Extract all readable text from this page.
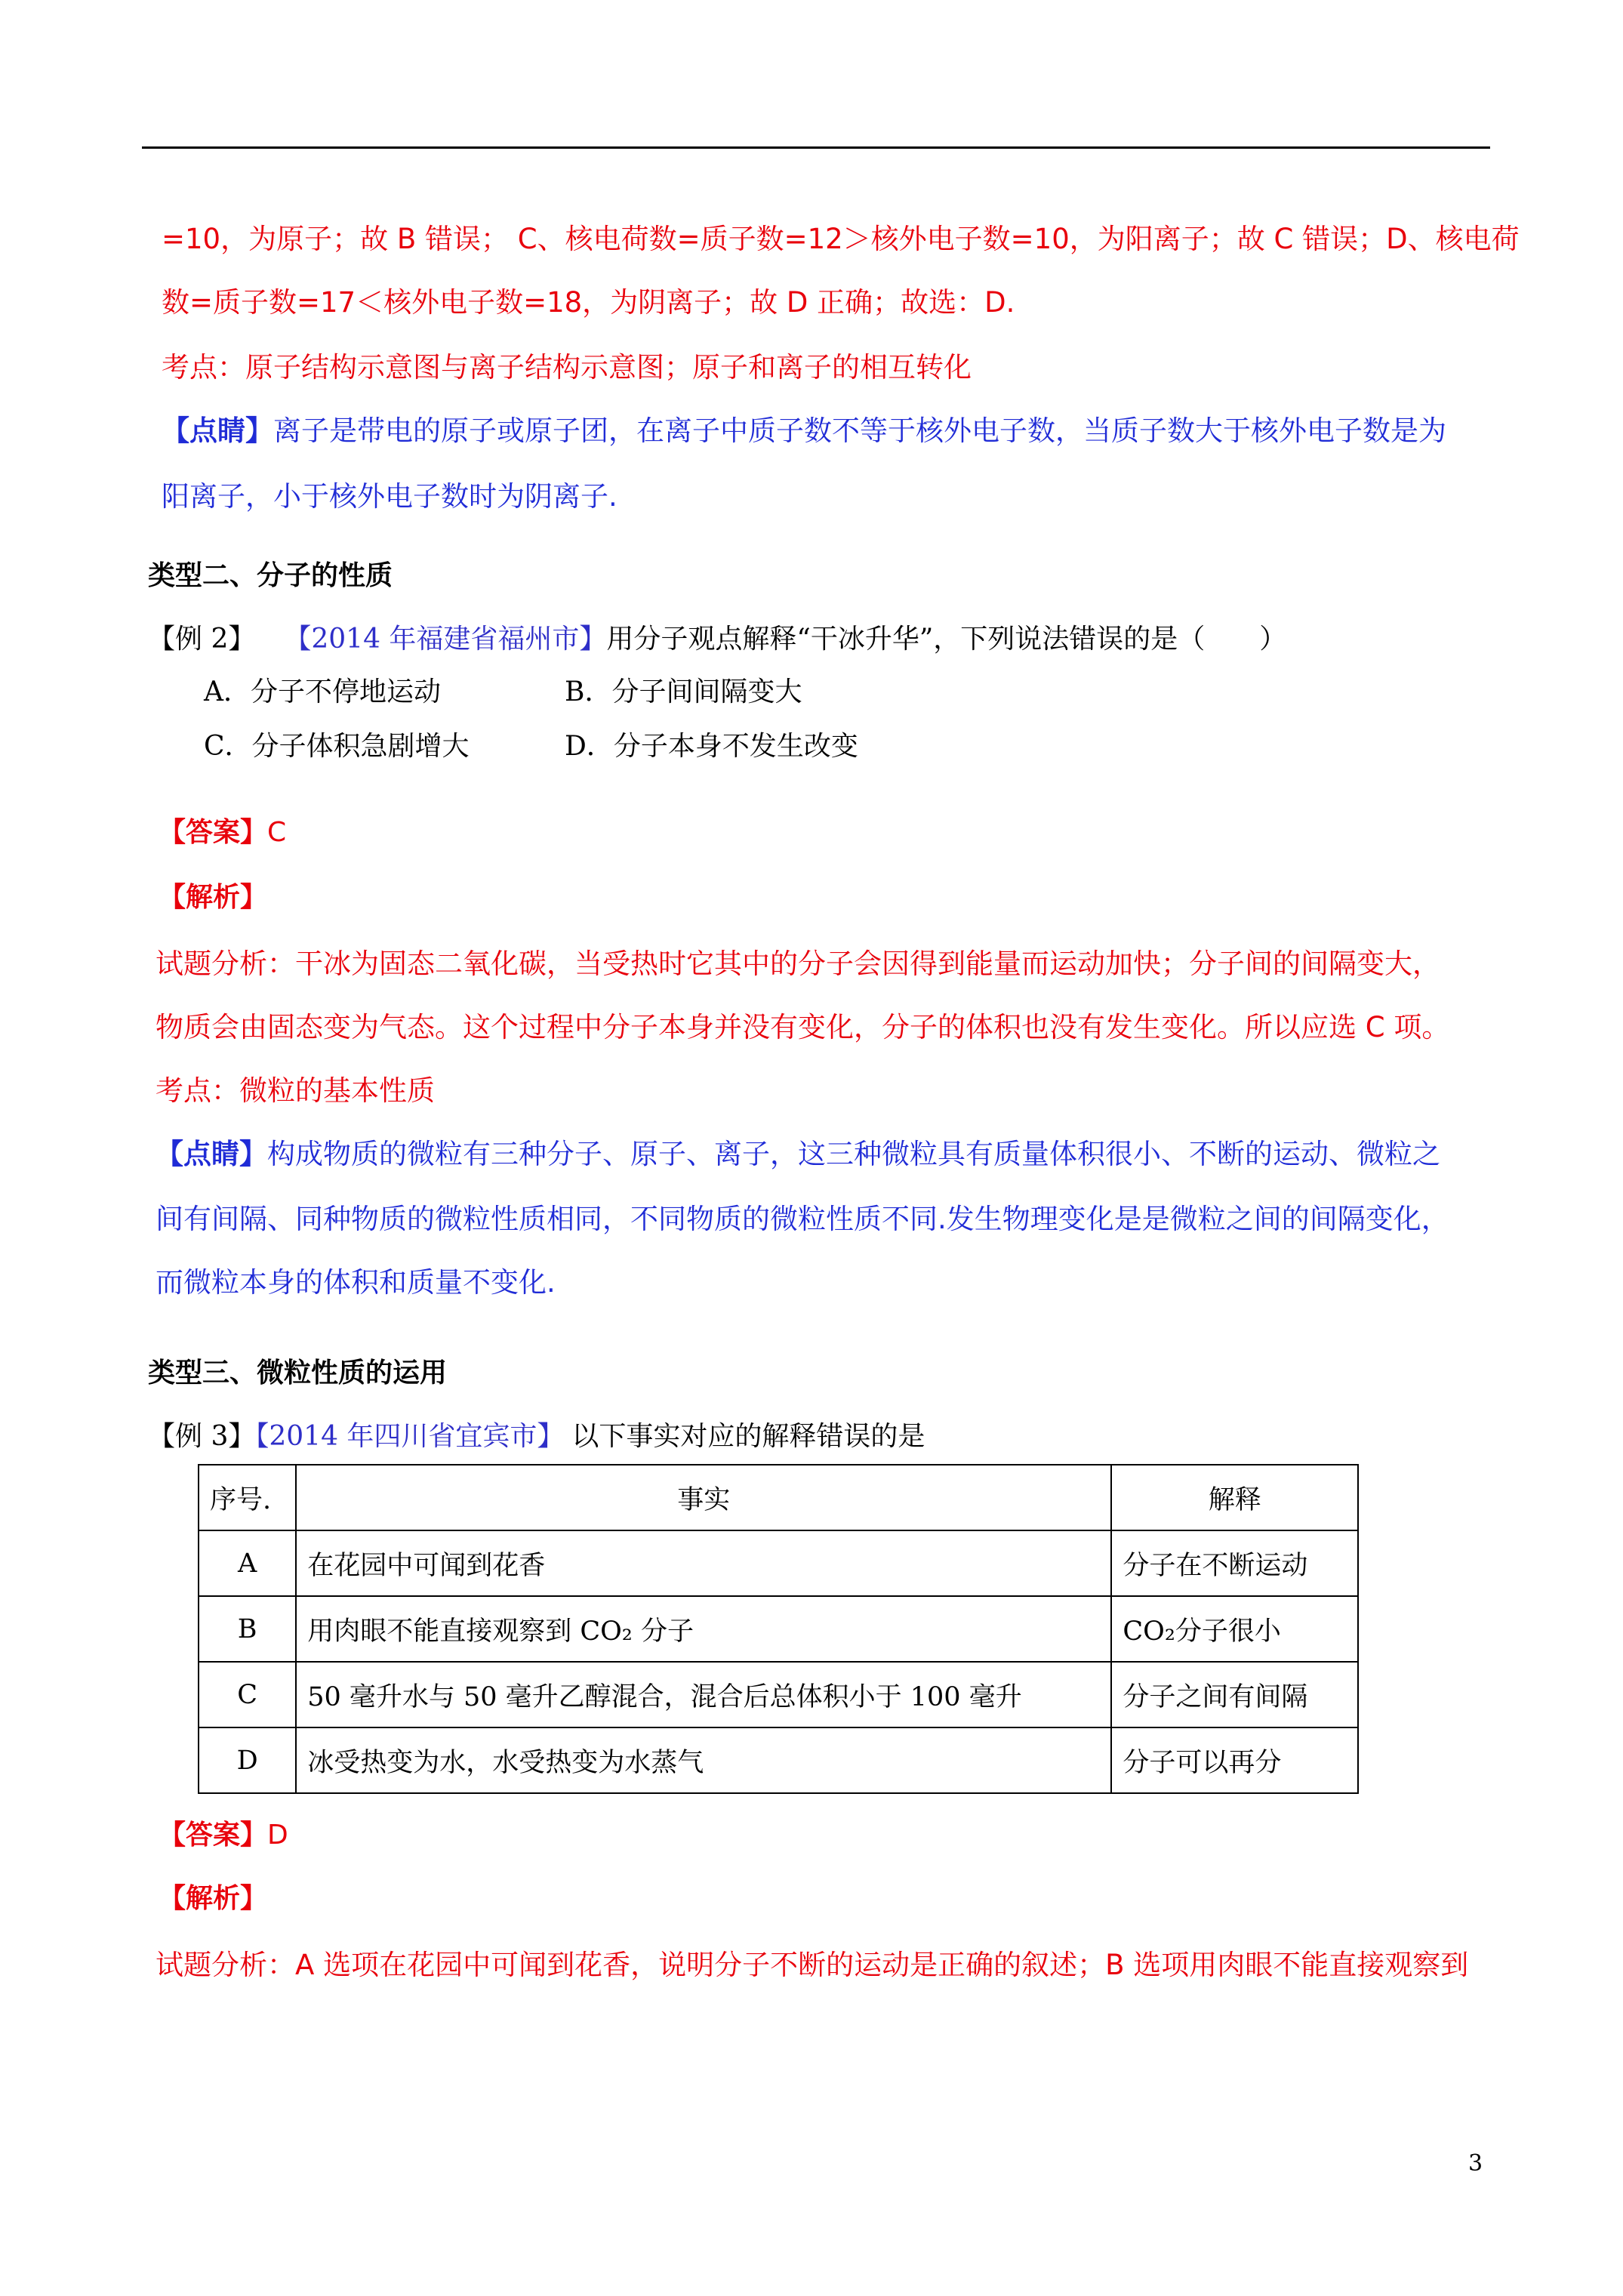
=10，为原子；故 B 错误； C、核电荷数=质子数=12＞核外电子数=10，为阳离子；故 C 错误；D、核电荷
数=质子数=17＜核外电子数=18，为阴离子；故 D 正确；故选：D.
考点：原子结构示意图与离子结构示意图；原子和离子的相互转化
【点睛】离子是带电的原子或原子团，在离子中质子数不等于核外电子数，当质子数大于核外电子数是为
阳离子，小于核外电子数时为阴离子.
类型二、分子的性质
【例 2】 【2014 年福建省福州市】用分子观点解释“干冰升华”，下列说法错误的是（　　）
A．分子不停地运动	B．分子间间隔变大
C．分子体积急剧增大	D．分子本身不发生改变
【答案】C
【解析】
试题分析：干冰为固态二氧化碳，当受热时它其中的分子会因得到能量而运动加快；分子间的间隔变大，
物质会由固态变为气态。这个过程中分子本身并没有变化，分子的体积也没有发生变化。所以应选 C 项。
考点：微粒的基本性质
【点睛】构成物质的微粒有三种分子、原子、离子，这三种微粒具有质量体积很小、不断的运动、微粒之
间有间隔、同种物质的微粒性质相同，不同物质的微粒性质不同.发生物理变化是是微粒之间的间隔变化，
而微粒本身的体积和质量不变化.
类型三、微粒性质的运用
【例 3】【2014 年四川省宜宾市】 以下事实对应的解释错误的是
序号.	事实	解释
A	在花园中可闻到花香	分子在不断运动
B	用肉眼不能直接观察到 CO₂ 分子	CO₂分子很小
C	50 毫升水与 50 毫升乙醇混合，混合后总体积小于 100 毫升	分子之间有间隔
D	冰受热变为水，水受热变为水蒸气	分子可以再分
【答案】D
【解析】
试题分析：A 选项在花园中可闻到花香，说明分子不断的运动是正确的叙述；B 选项用肉眼不能直接观察到
3
